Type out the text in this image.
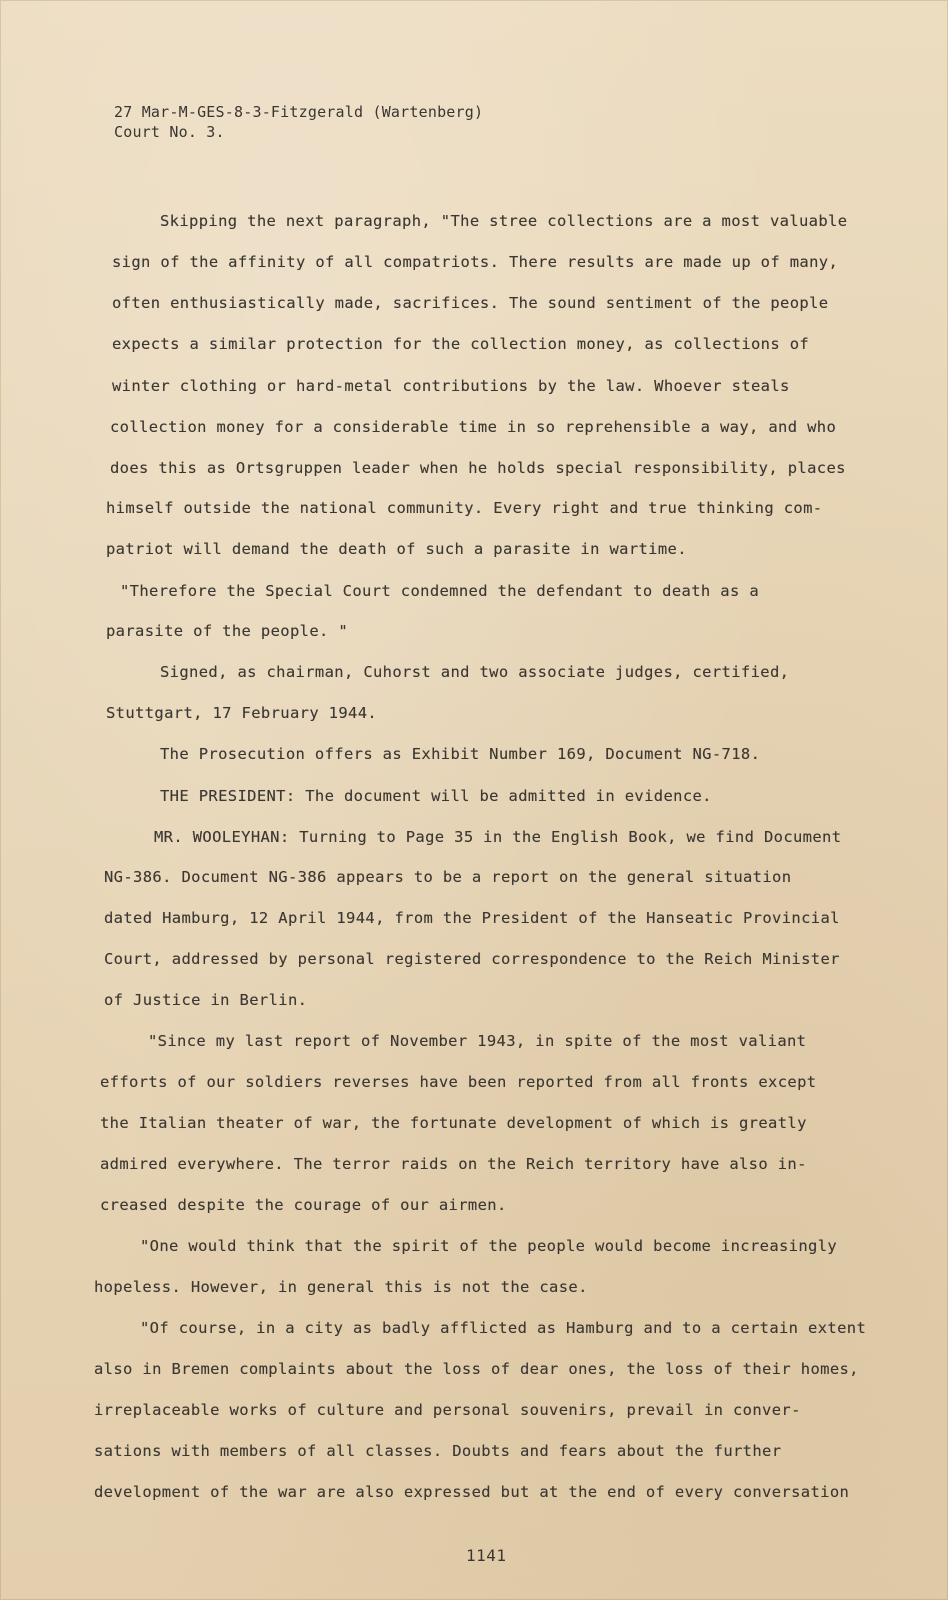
27 Mar-M-GES-8-3-Fitzgerald (Wartenberg)
Court No. 3.
Skipping the next paragraph, "The stree collections are a most valuable
sign of the affinity of all compatriots. There results are made up of many,
often enthusiastically made, sacrifices. The sound sentiment of the people
expects a similar protection for the collection money, as collections of
winter clothing or hard-metal contributions by the law. Whoever steals
collection money for a considerable time in so reprehensible a way, and who
does this as Ortsgruppen leader when he holds special responsibility, places
himself outside the national community. Every right and true thinking com-
patriot will demand the death of such a parasite in wartime.
"Therefore the Special Court condemned the defendant to death as a
parasite of the people. "
Signed, as chairman, Cuhorst and two associate judges, certified,
Stuttgart, 17 February 1944.
The Prosecution offers as Exhibit Number 169, Document NG-718.
THE PRESIDENT: The document will be admitted in evidence.
MR. WOOLEYHAN: Turning to Page 35 in the English Book, we find Document
NG-386. Document NG-386 appears to be a report on the general situation
dated Hamburg, 12 April 1944, from the President of the Hanseatic Provincial
Court, addressed by personal registered correspondence to the Reich Minister
of Justice in Berlin.
"Since my last report of November 1943, in spite of the most valiant
efforts of our soldiers reverses have been reported from all fronts except
the Italian theater of war, the fortunate development of which is greatly
admired everywhere. The terror raids on the Reich territory have also in-
creased despite the courage of our airmen.
"One would think that the spirit of the people would become increasingly
hopeless. However, in general this is not the case.
"Of course, in a city as badly afflicted as Hamburg and to a certain extent
also in Bremen complaints about the loss of dear ones, the loss of their homes,
irreplaceable works of culture and personal souvenirs, prevail in conver-
sations with members of all classes. Doubts and fears about the further
development of the war are also expressed but at the end of every conversation
1141
